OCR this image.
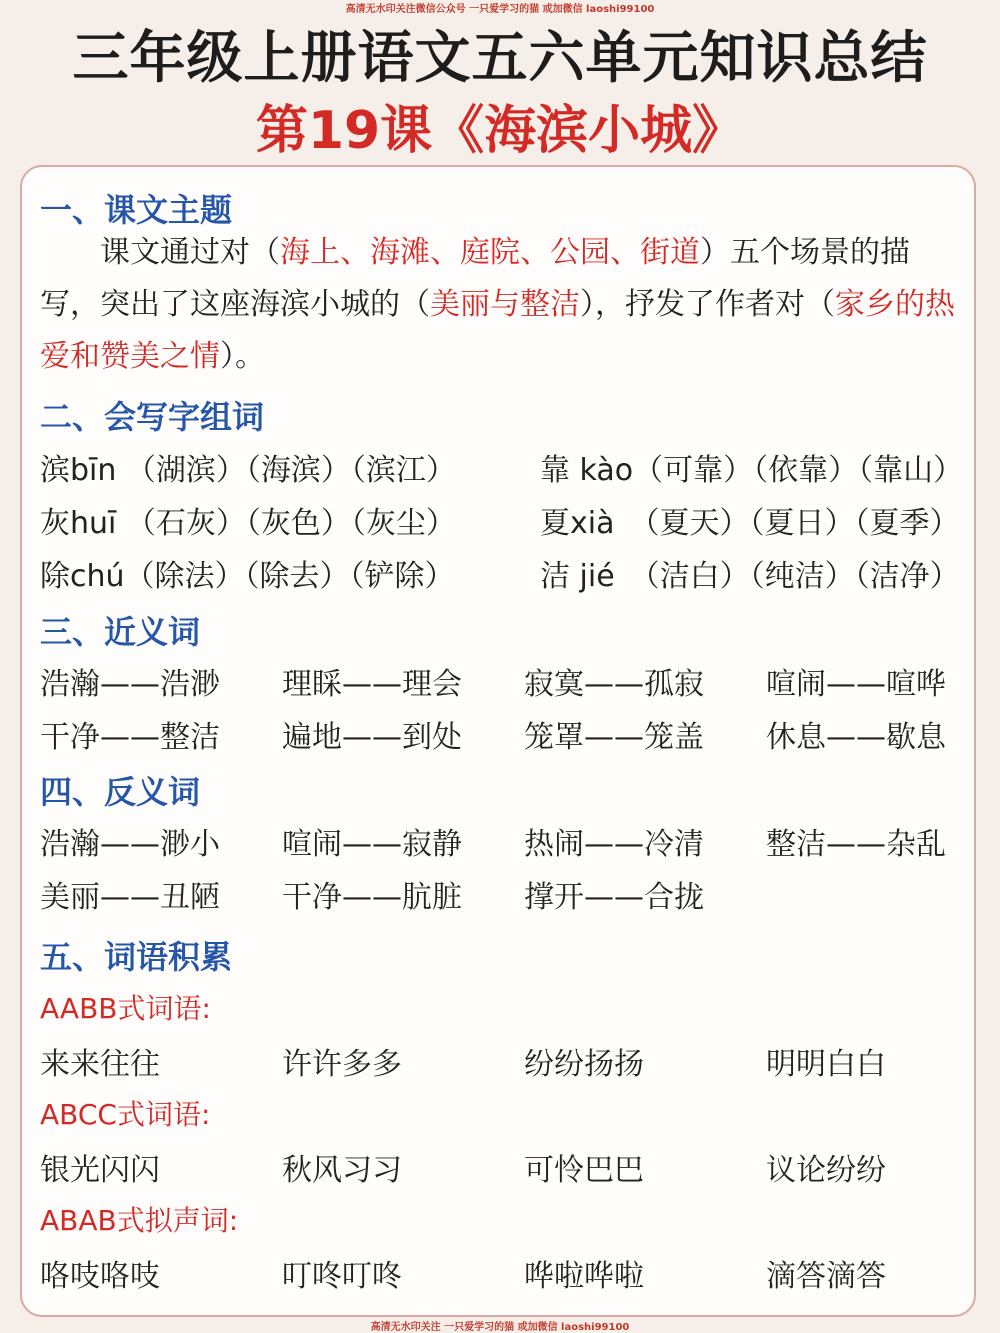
高清无水印关注微信公众号 一只爱学习的猫 或加微信 laoshi99100
三年级上册语文五六单元知识总结
第19课《海滨小城》
一、课文主题
　　课文通过对（海上、海滩、庭院、公园、街道）五个场景的描写，突出了这座海滨小城的（美丽与整洁），抒发了作者对（家乡的热爱和赞美之情）。
二、会写字组词
滨bīn （湖滨）（海滨）（滨江）	靠 kào（可靠）（依靠）（靠山）
灰huī （石灰）（灰色）（灰尘）	夏xià　（夏天）（夏日）（夏季）
除chú（除法）（除去）（铲除）	洁 jié　（洁白）（纯洁）（洁净）
三、近义词
浩瀚——浩渺 理睬——理会 寂寞——孤寂 喧闹——喧哗
干净——整洁 遍地——到处 笼罩——笼盖 休息——歇息
四、反义词
浩瀚——渺小 喧闹——寂静 热闹——冷清 整洁——杂乱
美丽——丑陋 干净——肮脏 撑开——合拢
五、词语积累
AABB式词语:
来来往往	许许多多	纷纷扬扬	明明白白
ABCC式词语:
银光闪闪	秋风习习	可怜巴巴	议论纷纷
ABAB式拟声词:
咯吱咯吱	叮咚叮咚	哗啦哗啦	滴答滴答
高清无水印关注 一只爱学习的猫 或加微信 laoshi99100
